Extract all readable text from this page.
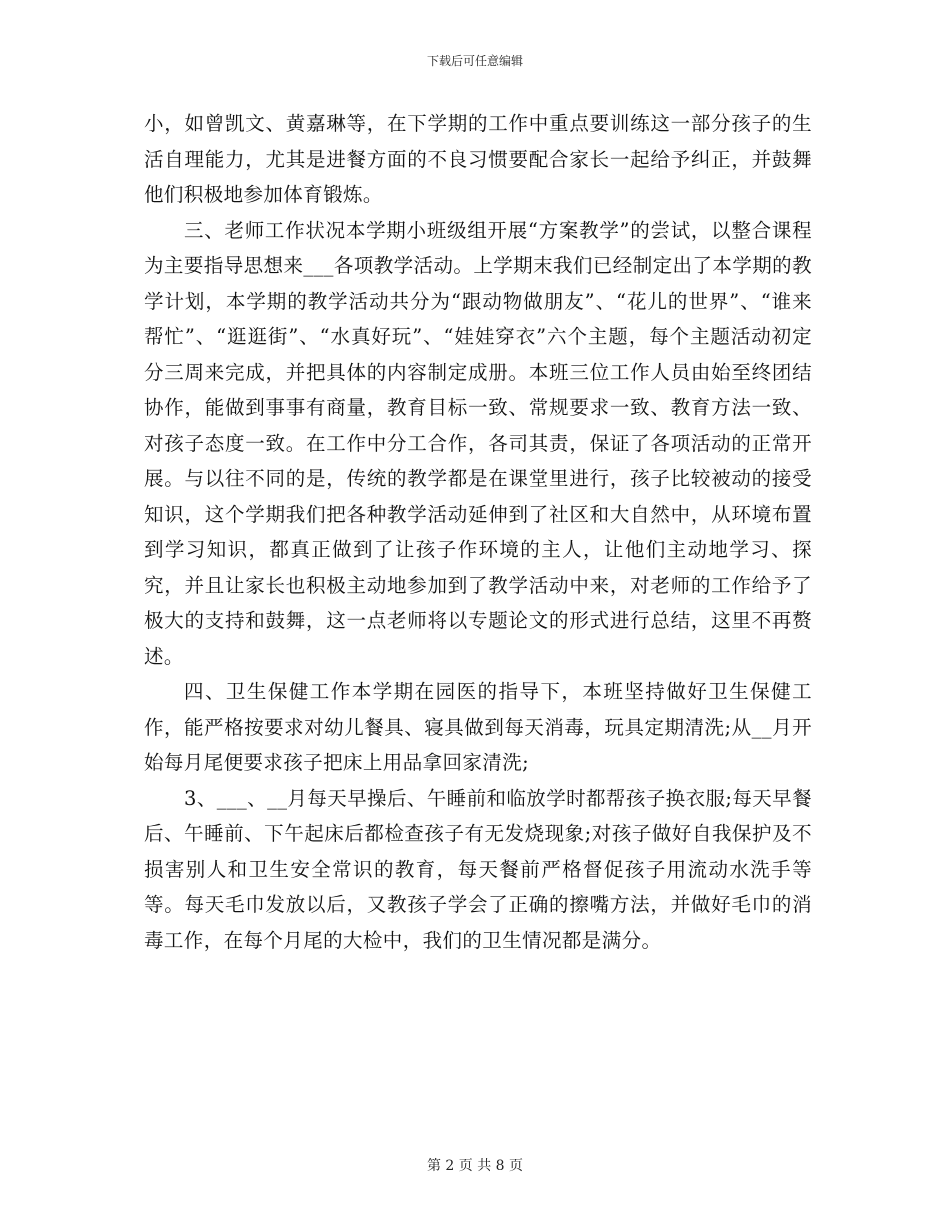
下载后可任意编辑

小，如曾凯文、黄嘉琳等，在下学期的工作中重点要训练这一部分孩子的生活自理能力，尤其是进餐方面的不良习惯要配合家长一起给予纠正，并鼓舞他们积极地参加体育锻炼。

三、老师工作状况本学期小班级组开展“方案教学”的尝试，以整合课程为主要指导思想来___各项教学活动。上学期末我们已经制定出了本学期的教学计划，本学期的教学活动共分为“跟动物做朋友”、“花儿的世界”、“谁来帮忙”、“逛逛街”、“水真好玩”、“娃娃穿衣”六个主题，每个主题活动初定分三周来完成，并把具体的内容制定成册。本班三位工作人员由始至终团结协作，能做到事事有商量，教育目标一致、常规要求一致、教育方法一致、对孩子态度一致。在工作中分工合作，各司其责，保证了各项活动的正常开展。与以往不同的是，传统的教学都是在课堂里进行，孩子比较被动的接受知识，这个学期我们把各种教学活动延伸到了社区和大自然中，从环境布置到学习知识，都真正做到了让孩子作环境的主人，让他们主动地学习、探究，并且让家长也积极主动地参加到了教学活动中来，对老师的工作给予了极大的支持和鼓舞，这一点老师将以专题论文的形式进行总结，这里不再赘述。

四、卫生保健工作本学期在园医的指导下，本班坚持做好卫生保健工作，能严格按要求对幼儿餐具、寝具做到每天消毒，玩具定期清洗;从__月开始每月尾便要求孩子把床上用品拿回家清洗;

3、___、__月每天早操后、午睡前和临放学时都帮孩子换衣服;每天早餐后、午睡前、下午起床后都检查孩子有无发烧现象;对孩子做好自我保护及不损害别人和卫生安全常识的教育，每天餐前严格督促孩子用流动水洗手等等。每天毛巾发放以后，又教孩子学会了正确的擦嘴方法，并做好毛巾的消毒工作，在每个月尾的大检中，我们的卫生情况都是满分。

第 2 页 共 8 页
